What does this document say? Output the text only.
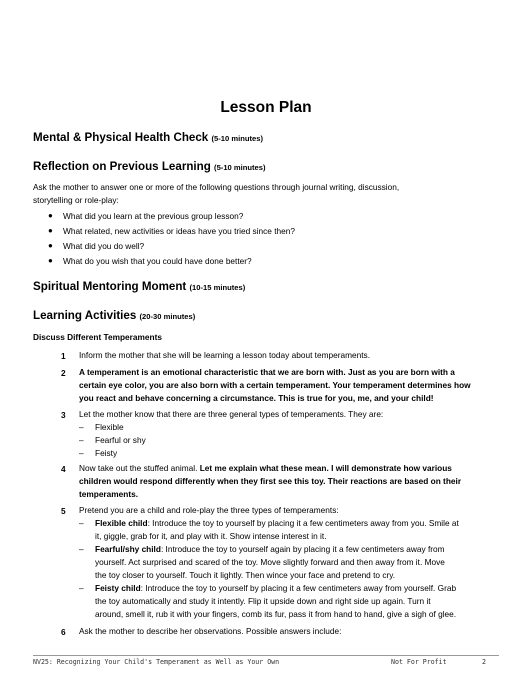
Lesson Plan
Mental & Physical Health Check (5-10 minutes)
Reflection on Previous Learning (5-10 minutes)
Ask the mother to answer one or more of the following questions through journal writing, discussion,
storytelling or role-play:
● What did you learn at the previous group lesson?
● What related, new activities or ideas have you tried since then?
● What did you do well?
● What do you wish that you could have done better?
Spiritual Mentoring Moment (10-15 minutes)
Learning Activities (20-30 minutes)
Discuss Different Temperaments
1 Inform the mother that she will be learning a lesson today about temperaments.
2 A temperament is an emotional characteristic that we are born with. Just as you are born with a
certain eye color, you are also born with a certain temperament. Your temperament determines how
you react and behave concerning a circumstance. This is true for you, me, and your child!
3 Let the mother know that there are three general types of temperaments. They are:
– Flexible
– Fearful or shy
– Feisty
4 Now take out the stuffed animal. Let me explain what these mean. I will demonstrate how various
children would respond differently when they first see this toy. Their reactions are based on their
temperaments.
5 Pretend you are a child and role-play the three types of temperaments:
– Flexible child: Introduce the toy to yourself by placing it a few centimeters away from you. Smile at
it, giggle, grab for it, and play with it. Show intense interest in it.
– Fearful/shy child: Introduce the toy to yourself again by placing it a few centimeters away from
yourself. Act surprised and scared of the toy. Move slightly forward and then away from it. Move
the toy closer to yourself. Touch it lightly. Then wince your face and pretend to cry.
– Feisty child: Introduce the toy to yourself by placing it a few centimeters away from yourself. Grab
the toy automatically and study it intently. Flip it upside down and right side up again. Turn it
around, smell it, rub it with your fingers, comb its fur, pass it from hand to hand, give a sigh of glee.
6 Ask the mother to describe her observations. Possible answers include:
NV25: Recognizing Your Child's Temperament as Well as Your Own	Not For Profit	2
